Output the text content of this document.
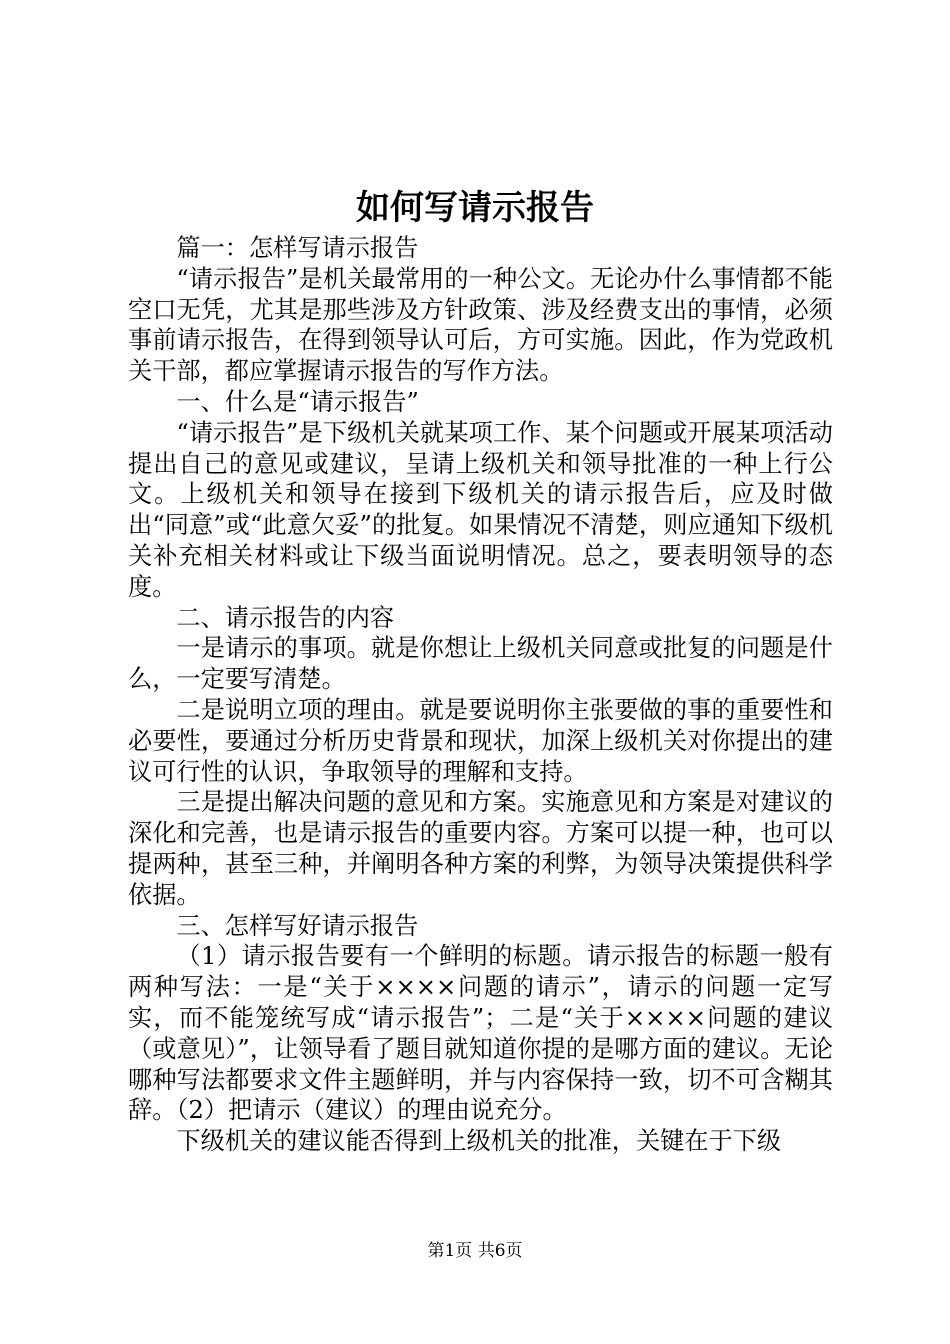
如何写请示报告

篇一：怎样写请示报告

“请示报告”是机关最常用的一种公文。无论办什么事情都不能空口无凭，尤其是那些涉及方针政策、涉及经费支出的事情，必须事前请示报告，在得到领导认可后，方可实施。因此，作为党政机关干部，都应掌握请示报告的写作方法。

一、什么是“请示报告”

“请示报告”是下级机关就某项工作、某个问题或开展某项活动提出自己的意见或建议，呈请上级机关和领导批准的一种上行公文。上级机关和领导在接到下级机关的请示报告后，应及时做出“同意”或“此意欠妥”的批复。如果情况不清楚，则应通知下级机关补充相关材料或让下级当面说明情况。总之，要表明领导的态度。

二、请示报告的内容

一是请示的事项。就是你想让上级机关同意或批复的问题是什么，一定要写清楚。

二是说明立项的理由。就是要说明你主张要做的事的重要性和必要性，要通过分析历史背景和现状，加深上级机关对你提出的建议可行性的认识，争取领导的理解和支持。

三是提出解决问题的意见和方案。实施意见和方案是对建议的深化和完善，也是请示报告的重要内容。方案可以提一种，也可以提两种，甚至三种，并阐明各种方案的利弊，为领导决策提供科学依据。

三、怎样写好请示报告

（1）请示报告要有一个鲜明的标题。请示报告的标题一般有两种写法：一是“关于××××问题的请示”，请示的问题一定写实，而不能笼统写成“请示报告”；二是“关于××××问题的建议（或意见）”，让领导看了题目就知道你提的是哪方面的建议。无论哪种写法都要求文件主题鲜明，并与内容保持一致，切不可含糊其辞。（2）把请示（建议）的理由说充分。

下级机关的建议能否得到上级机关的批准，关键在于下级

第1页 共6页
